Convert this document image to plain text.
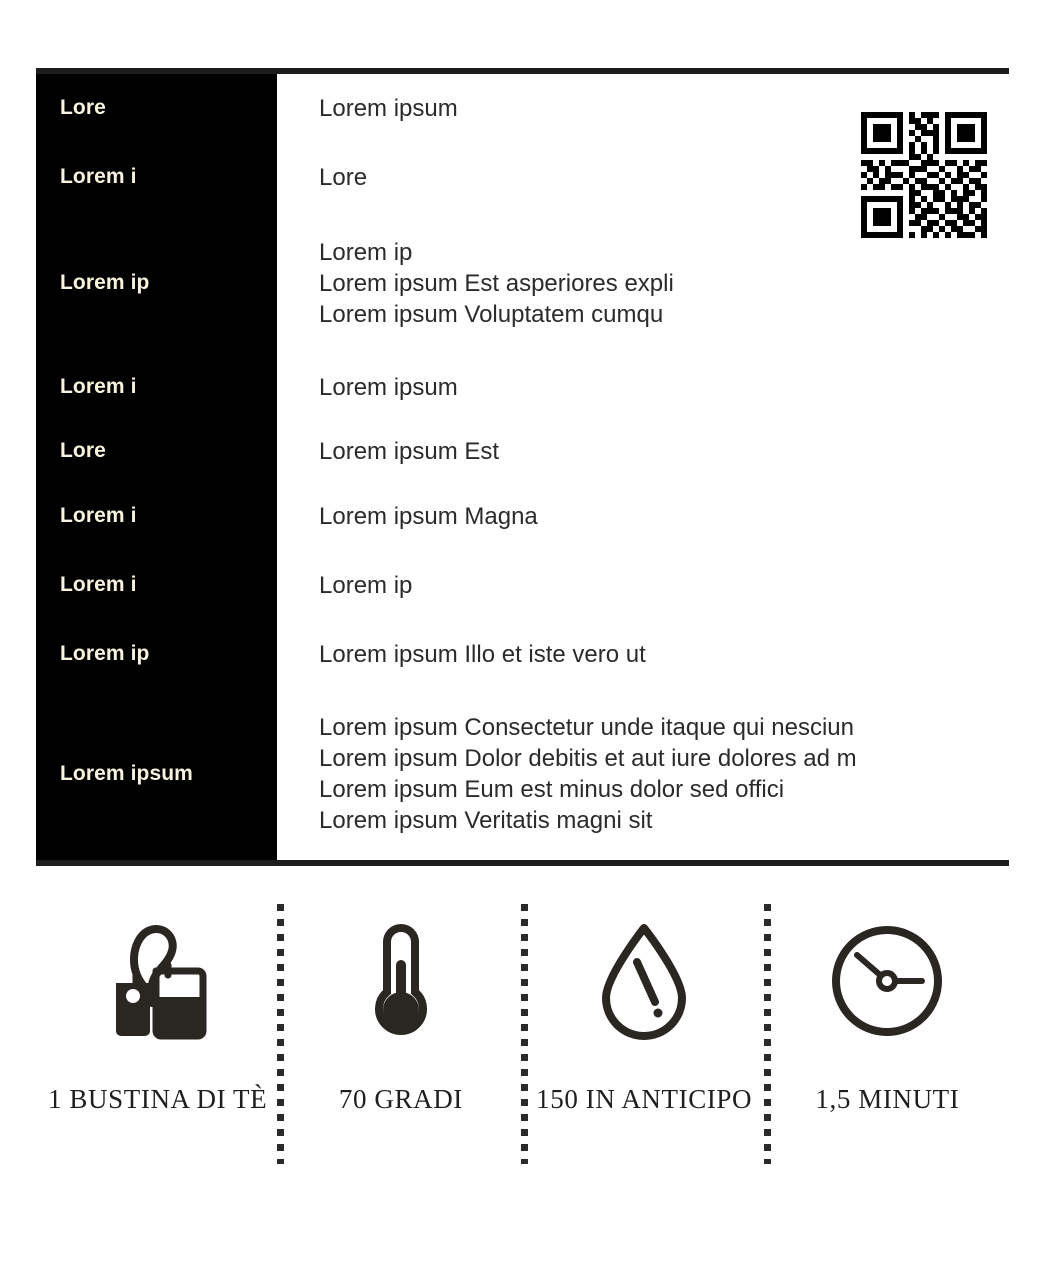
Lore
Lorem i
Lorem ip
Lorem i
Lore
Lorem i
Lorem i
Lorem ip
Lorem ipsum
Lorem ipsum
Lore
Lorem ip
Lorem ipsum Est asperiores expli
Lorem ipsum Voluptatem cumqu
Lorem ipsum
Lorem ipsum Est
Lorem ipsum Magna
Lorem ip
Lorem ipsum Illo et iste vero ut
Lorem ipsum Consectetur unde itaque qui nesciun
Lorem ipsum Dolor debitis et aut iure dolores ad m
Lorem ipsum Eum est minus dolor sed offici
Lorem ipsum Veritatis magni sit
1 BUSTINA DI TÈ	70 GRADI	150 IN ANTICIPO 1,5 MINUTI
